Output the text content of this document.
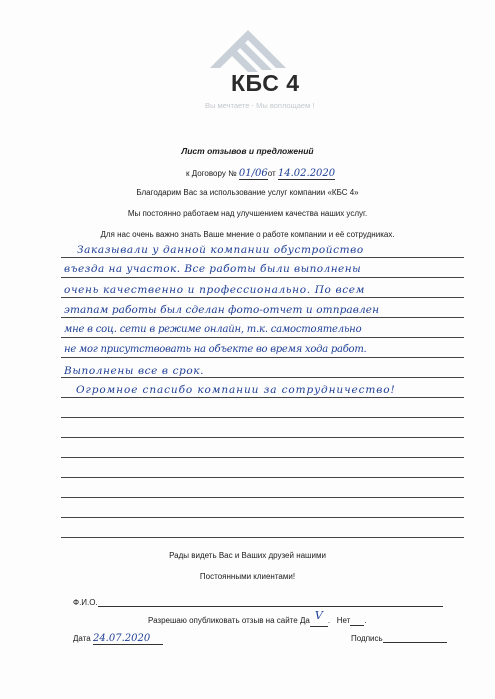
КБС 4
Вы мечтаете - Мы воплощаем !
Лист отзывов и предложений
к Договору № 01/06от 14.02.2020
Благодарим Вас за использование услуг компании «КБС 4»
Мы постоянно работаем над улучшением качества наших услуг.
Для нас очень важно знать Ваше мнение о работе компании и её сотрудниках.
Заказывали у данной компании обустройство
въезда на участок. Все работы были выполнены
очень качественно и профессионально. По всем
этапам работы был сделан фото-отчет и отправлен
мне в соц. сети в режиме онлайн, т.к. самостоятельно
не мог присутствовать на объекте во время хода работ.
Выполнены все в срок.
Огромное спасибо компании за сотрудничество!
Рады видеть Вас и Ваших друзей нашими
Постоянными клиентами!
Ф.И.О.
Разрешаю опубликовать отзыв на сайте Да V . Нет .
Дата 24.07.2020	Подпись
